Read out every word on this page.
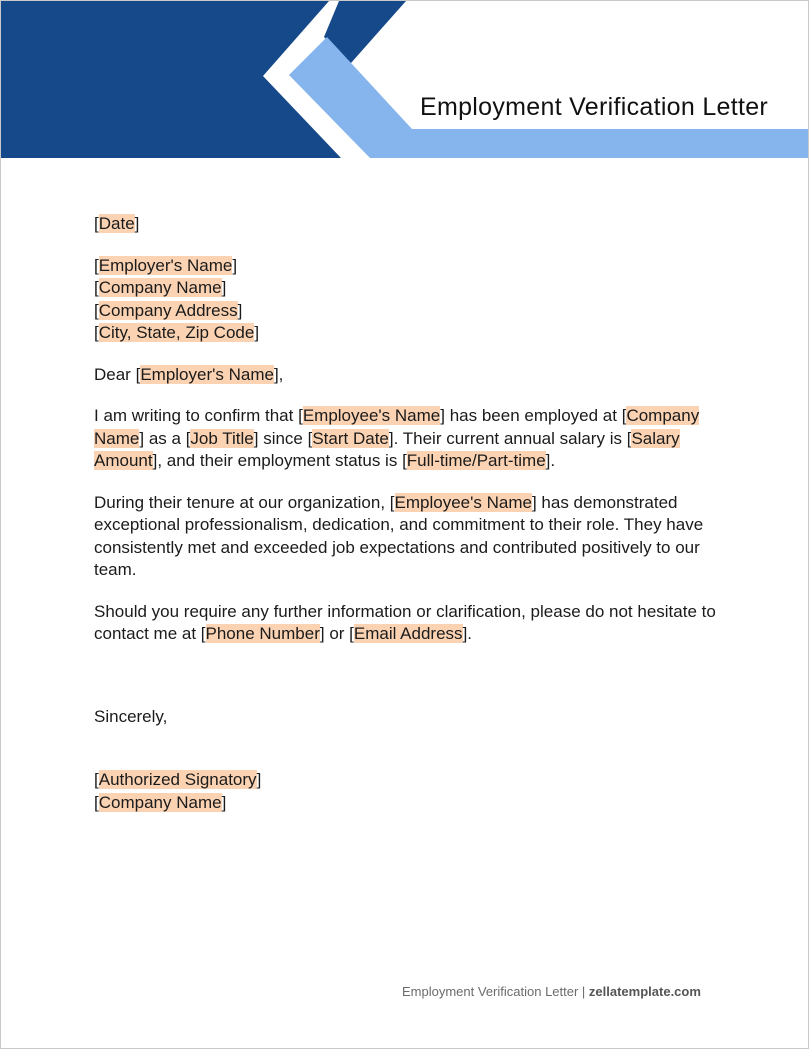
Employment Verification Letter

[Date]

[Employer's Name]

[Company Name]

[Company Address]

[City, State, Zip Code]

Dear [Employer's Name],

I am writing to confirm that [Employee's Name] has been employed at [Company Name] as a [Job Title] since [Start Date]. Their current annual salary is [Salary Amount], and their employment status is [Full-time/Part-time].

During their tenure at our organization, [Employee's Name] has demonstrated exceptional professionalism, dedication, and commitment to their role. They have consistently met and exceeded job expectations and contributed positively to our team.

Should you require any further information or clarification, please do not hesitate to contact me at [Phone Number] or [Email Address].

Sincerely,

[Authorized Signatory]

[Company Name]

Employment Verification Letter | zellatemplate.com
